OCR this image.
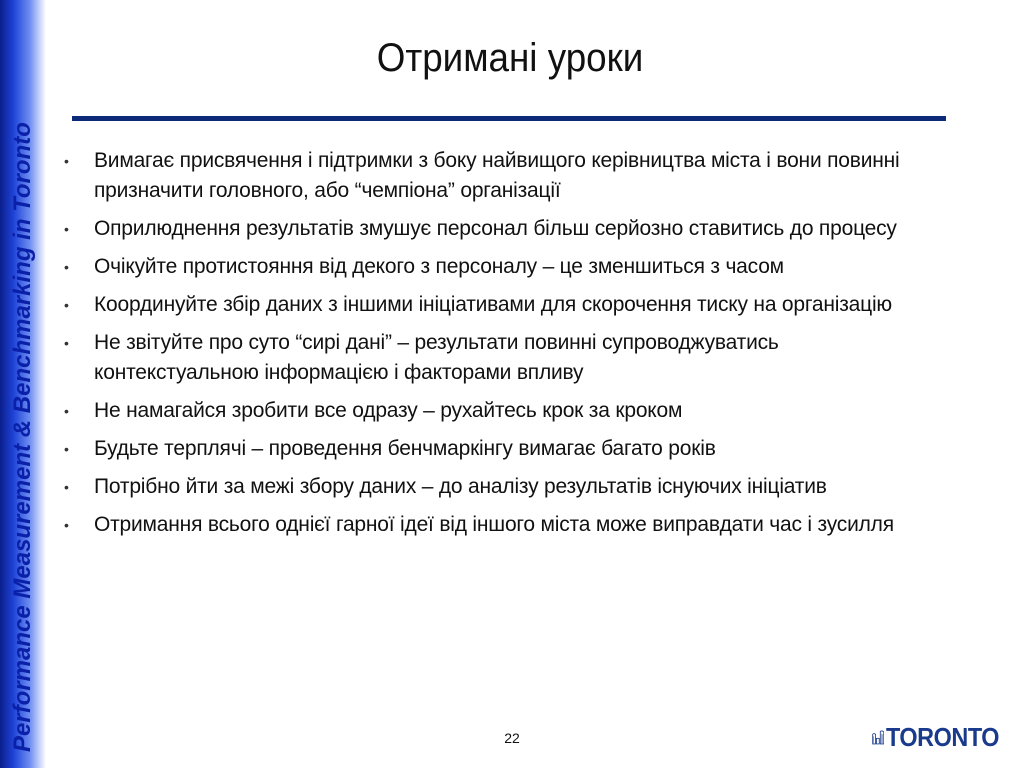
Performance Measurement & Benchmarking in Toronto
Отримані уроки
•	Вимагає присвячення і підтримки з боку найвищого керівництва міста і вони повинні призначити головного, або “чемпіона” організації
•	Оприлюднення результатів змушує персонал більш серйозно ставитись до процесу
•	Очікуйте протистояння від декого з персоналу – це зменшиться з часом
•	Координуйте збір даних з іншими ініціативами для скорочення тиску на організацію
•	Не звітуйте про суто “сирі дані” – результати повинні супроводжуватись контекстуальною інформацією і факторами впливу
•	Не намагайся зробити все одразу – рухайтесь крок за кроком
•	Будьте терплячі – проведення бенчмаркінгу вимагає багато років
•	Потрібно йти за межі збору даних – до аналізу результатів існуючих ініціатив
•	Отримання всього однієї гарної ідеї від іншого міста може виправдати час і зусилля
22	TORONTO
